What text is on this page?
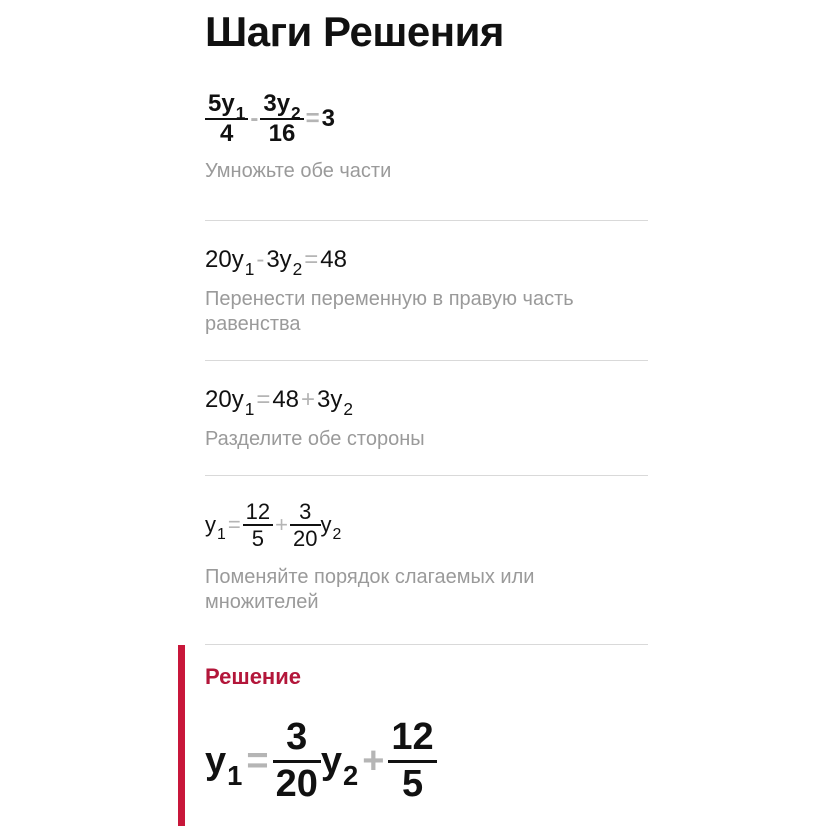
Шаги Решения
$\frac{5y_1}{4} - \frac{3y_2}{16} = 3$
Умножьте обе части
20 y 1 - 3 y 2 = 48
Перенести переменную в правую часть равенства
20 y 1 = 48 + 3 y 2
Разделите обе стороны
y $1 = \frac{12}{5} + \frac{3}{20}$ y 2
Поменяйте порядок слагаемых или множителей
Решение
y $1 = \frac{3}{20}$ y $2 + \frac{12}{5}$
